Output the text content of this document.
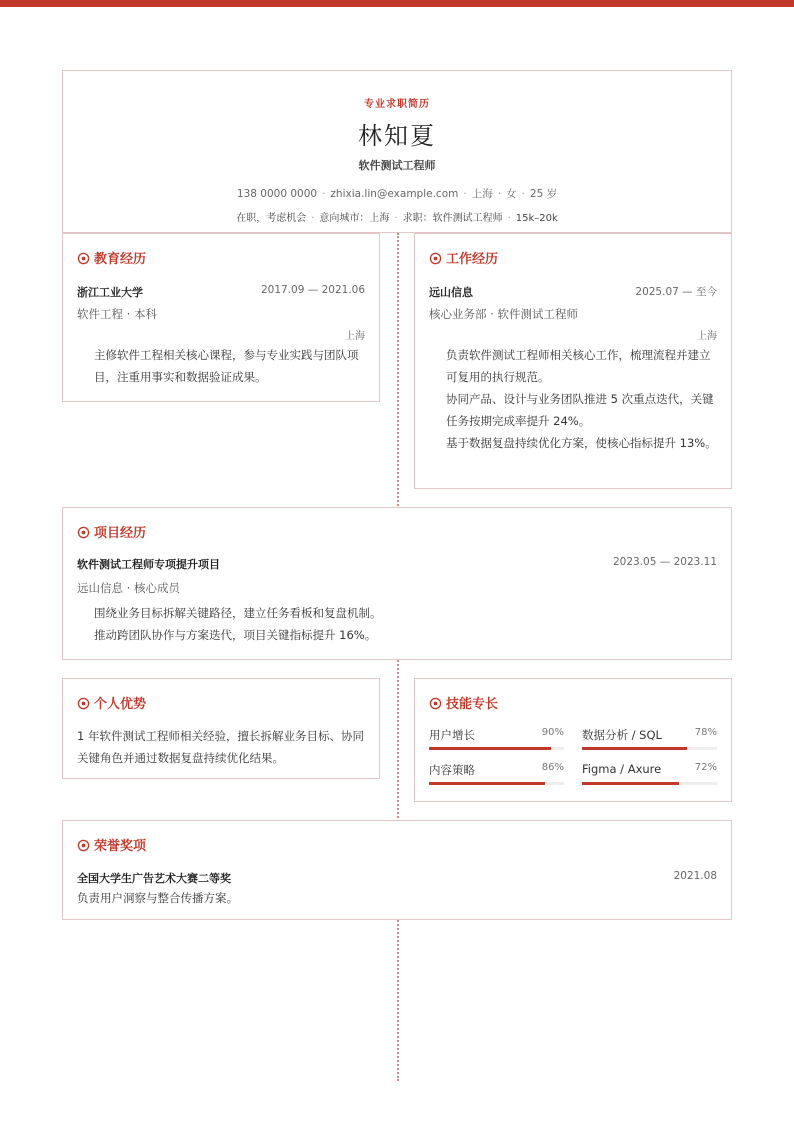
专业求职简历
林知夏
软件测试工程师
138 0000 0000 · zhixia.lin@example.com · 上海 · 女 · 25 岁
在职，考虑机会 · 意向城市：上海 · 求职：软件测试工程师 · 15k–20k
教育经历
浙江工业大学	2017.09 — 2021.06
软件工程 · 本科
上海
主修软件工程相关核心课程，参与专业实践与团队项目，注重用事实和数据验证成果。
工作经历
远山信息	2025.07 — 至今
核心业务部 · 软件测试工程师
上海
负责软件测试工程师相关核心工作，梳理流程并建立可复用的执行规范。
协同产品、设计与业务团队推进 5 次重点迭代，关键任务按期完成率提升 24%。
基于数据复盘持续优化方案，使核心指标提升 13%。
项目经历
软件测试工程师专项提升项目	2023.05 — 2023.11
远山信息 · 核心成员
围绕业务目标拆解关键路径，建立任务看板和复盘机制。
推动跨团队协作与方案迭代，项目关键指标提升 16%。
个人优势
1 年软件测试工程师相关经验，擅长拆解业务目标、协同关键角色并通过数据复盘持续优化结果。
技能专长
用户增长	90% 数据分析 / SQL	78%
内容策略	86% Figma / Axure	72%
荣誉奖项
全国大学生广告艺术大赛二等奖	2021.08
负责用户洞察与整合传播方案。
